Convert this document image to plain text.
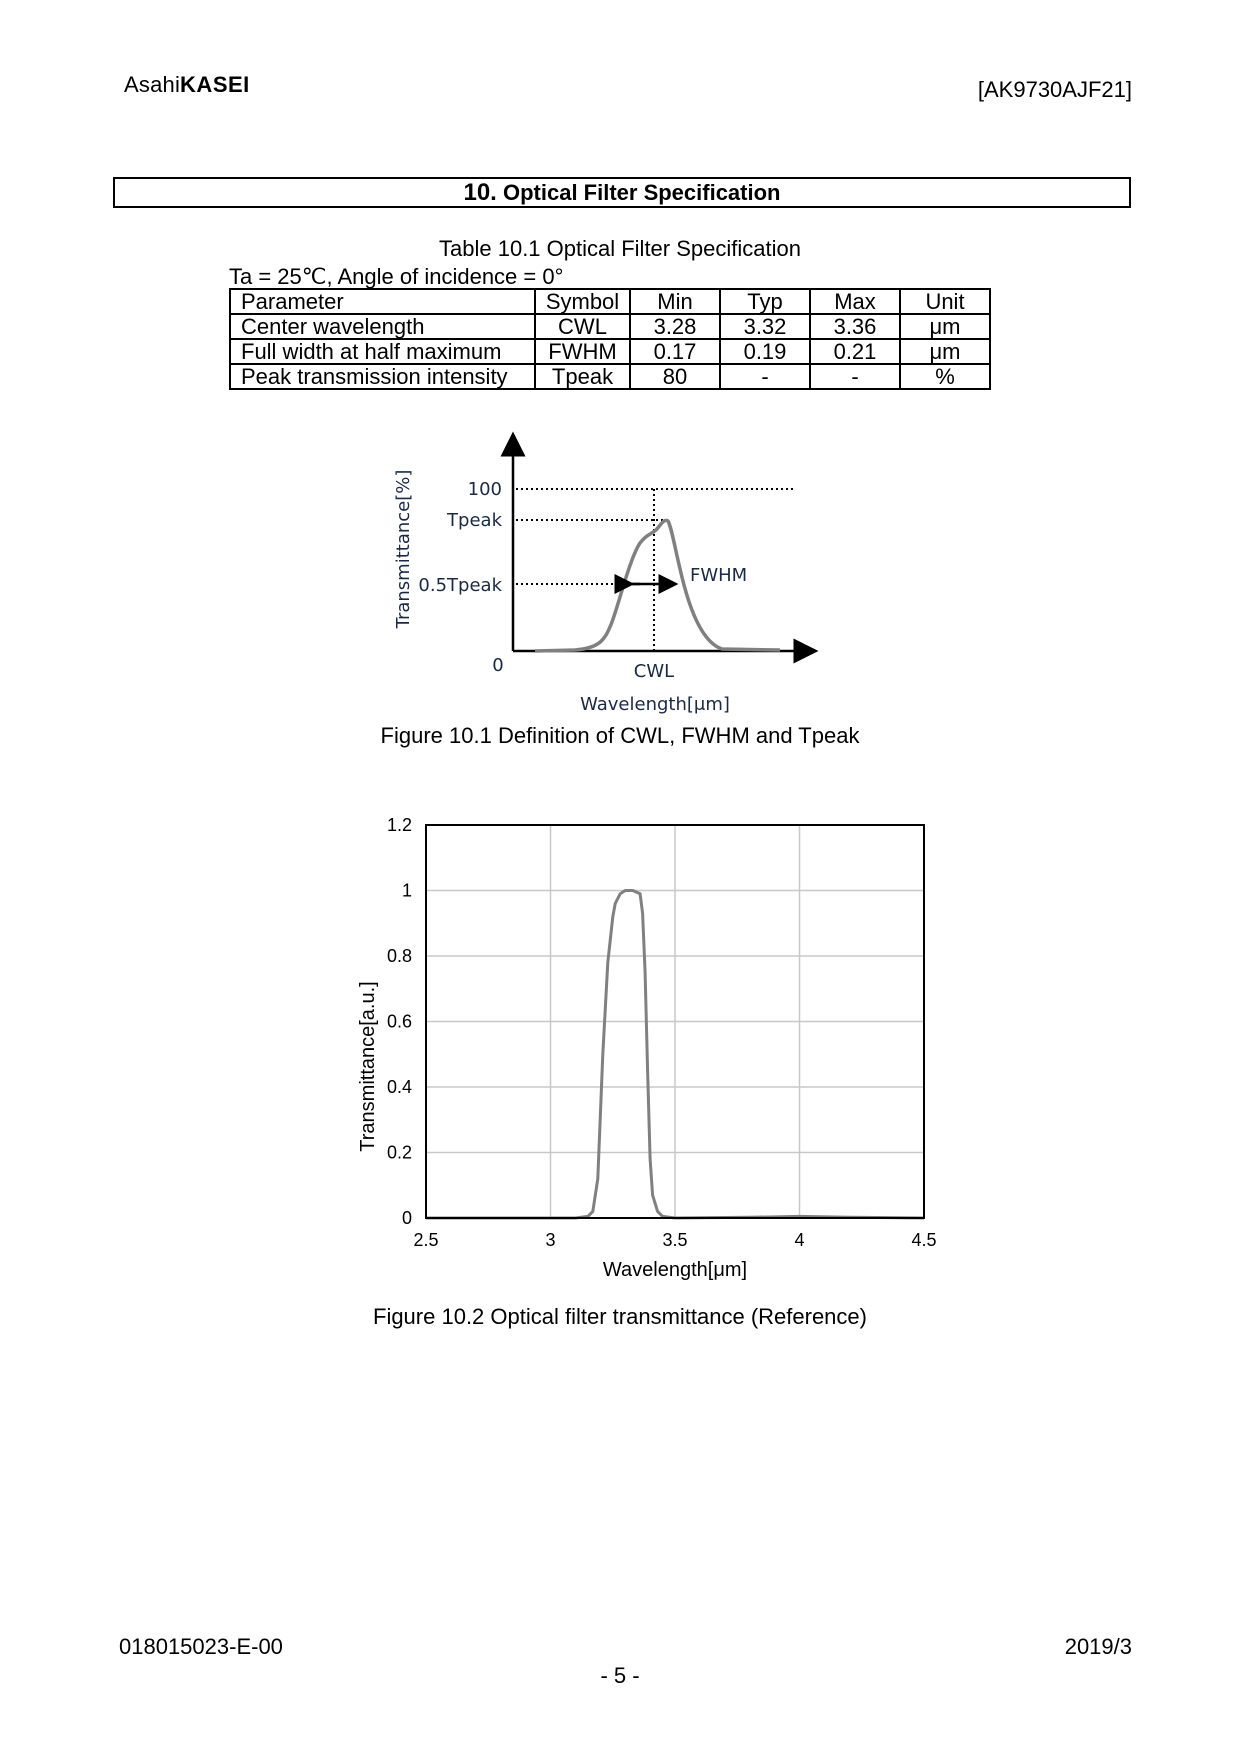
AsahiKASEI	[AK9730AJF21]
10. Optical Filter Specification
Table 10.1 Optical Filter Specification
Ta = 25℃, Angle of incidence = 0°
Parameter	Symbol	Min	Typ	Max	Unit
Center wavelength	CWL	3.28	3.32	3.36	μm
Full width at half maximum	FWHM	0.17	0.19	0.21	μm
Peak transmission intensity	Tpeak	80	-	-	%
Transmittance[%]	100
Tpeak
0.5Tpeak
0	CWL
FWHM
Wavelength[μm]
Figure 10.1 Definition of CWL, FWHM and Tpeak
0
0.2
0.4
0.6
0.8
1
1.2
2.5	3	3.5	4	4.5
Wavelength[μm]
Transmittance[a.u.]
Figure 10.2 Optical filter transmittance (Reference)
018015023-E-00	2019/3
- 5 -
